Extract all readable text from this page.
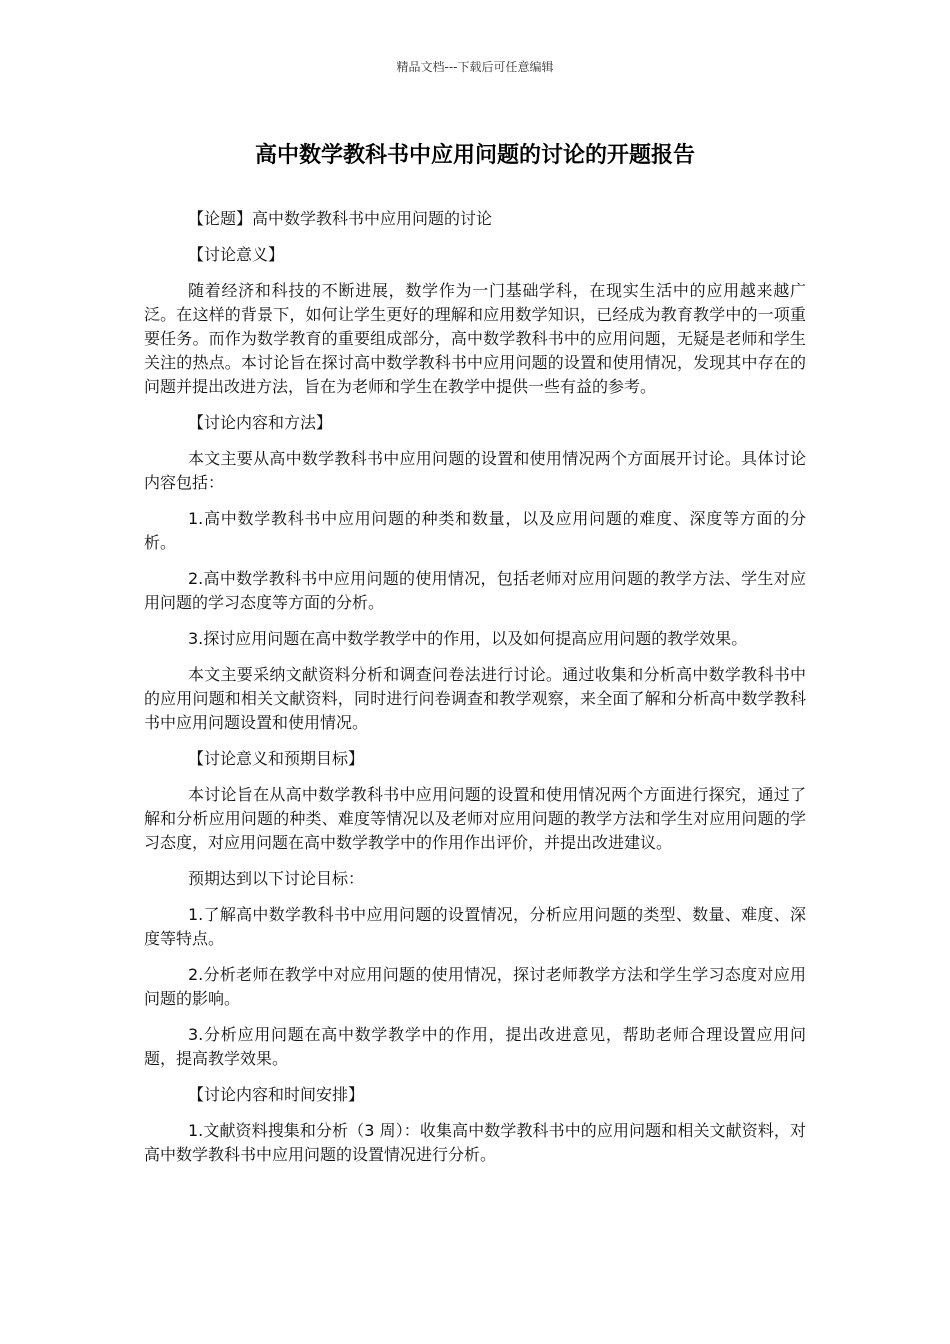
精品文档---下载后可任意编辑
高中数学教科书中应用问题的讨论的开题报告

【论题】高中数学教科书中应用问题的讨论

【讨论意义】

随着经济和科技的不断进展，数学作为一门基础学科，在现实生活中的应用越来越广泛。在这样的背景下，如何让学生更好的理解和应用数学知识，已经成为教育教学中的一项重要任务。而作为数学教育的重要组成部分，高中数学教科书中的应用问题，无疑是老师和学生关注的热点。本讨论旨在探讨高中数学教科书中应用问题的设置和使用情况，发现其中存在的问题并提出改进方法，旨在为老师和学生在教学中提供一些有益的参考。

【讨论内容和方法】

本文主要从高中数学教科书中应用问题的设置和使用情况两个方面展开讨论。具体讨论内容包括：

1.高中数学教科书中应用问题的种类和数量，以及应用问题的难度、深度等方面的分析。

2.高中数学教科书中应用问题的使用情况，包括老师对应用问题的教学方法、学生对应用问题的学习态度等方面的分析。

3.探讨应用问题在高中数学教学中的作用，以及如何提高应用问题的教学效果。

本文主要采纳文献资料分析和调查问卷法进行讨论。通过收集和分析高中数学教科书中的应用问题和相关文献资料，同时进行问卷调查和教学观察，来全面了解和分析高中数学教科书中应用问题设置和使用情况。

【讨论意义和预期目标】

本讨论旨在从高中数学教科书中应用问题的设置和使用情况两个方面进行探究，通过了解和分析应用问题的种类、难度等情况以及老师对应用问题的教学方法和学生对应用问题的学习态度，对应用问题在高中数学教学中的作用作出评价，并提出改进建议。

预期达到以下讨论目标：

1.了解高中数学教科书中应用问题的设置情况，分析应用问题的类型、数量、难度、深度等特点。

2.分析老师在教学中对应用问题的使用情况，探讨老师教学方法和学生学习态度对应用问题的影响。

3.分析应用问题在高中数学教学中的作用，提出改进意见，帮助老师合理设置应用问题，提高教学效果。

【讨论内容和时间安排】

1.文献资料搜集和分析（3 周）：收集高中数学教科书中的应用问题和相关文献资料，对高中数学教科书中应用问题的设置情况进行分析。
